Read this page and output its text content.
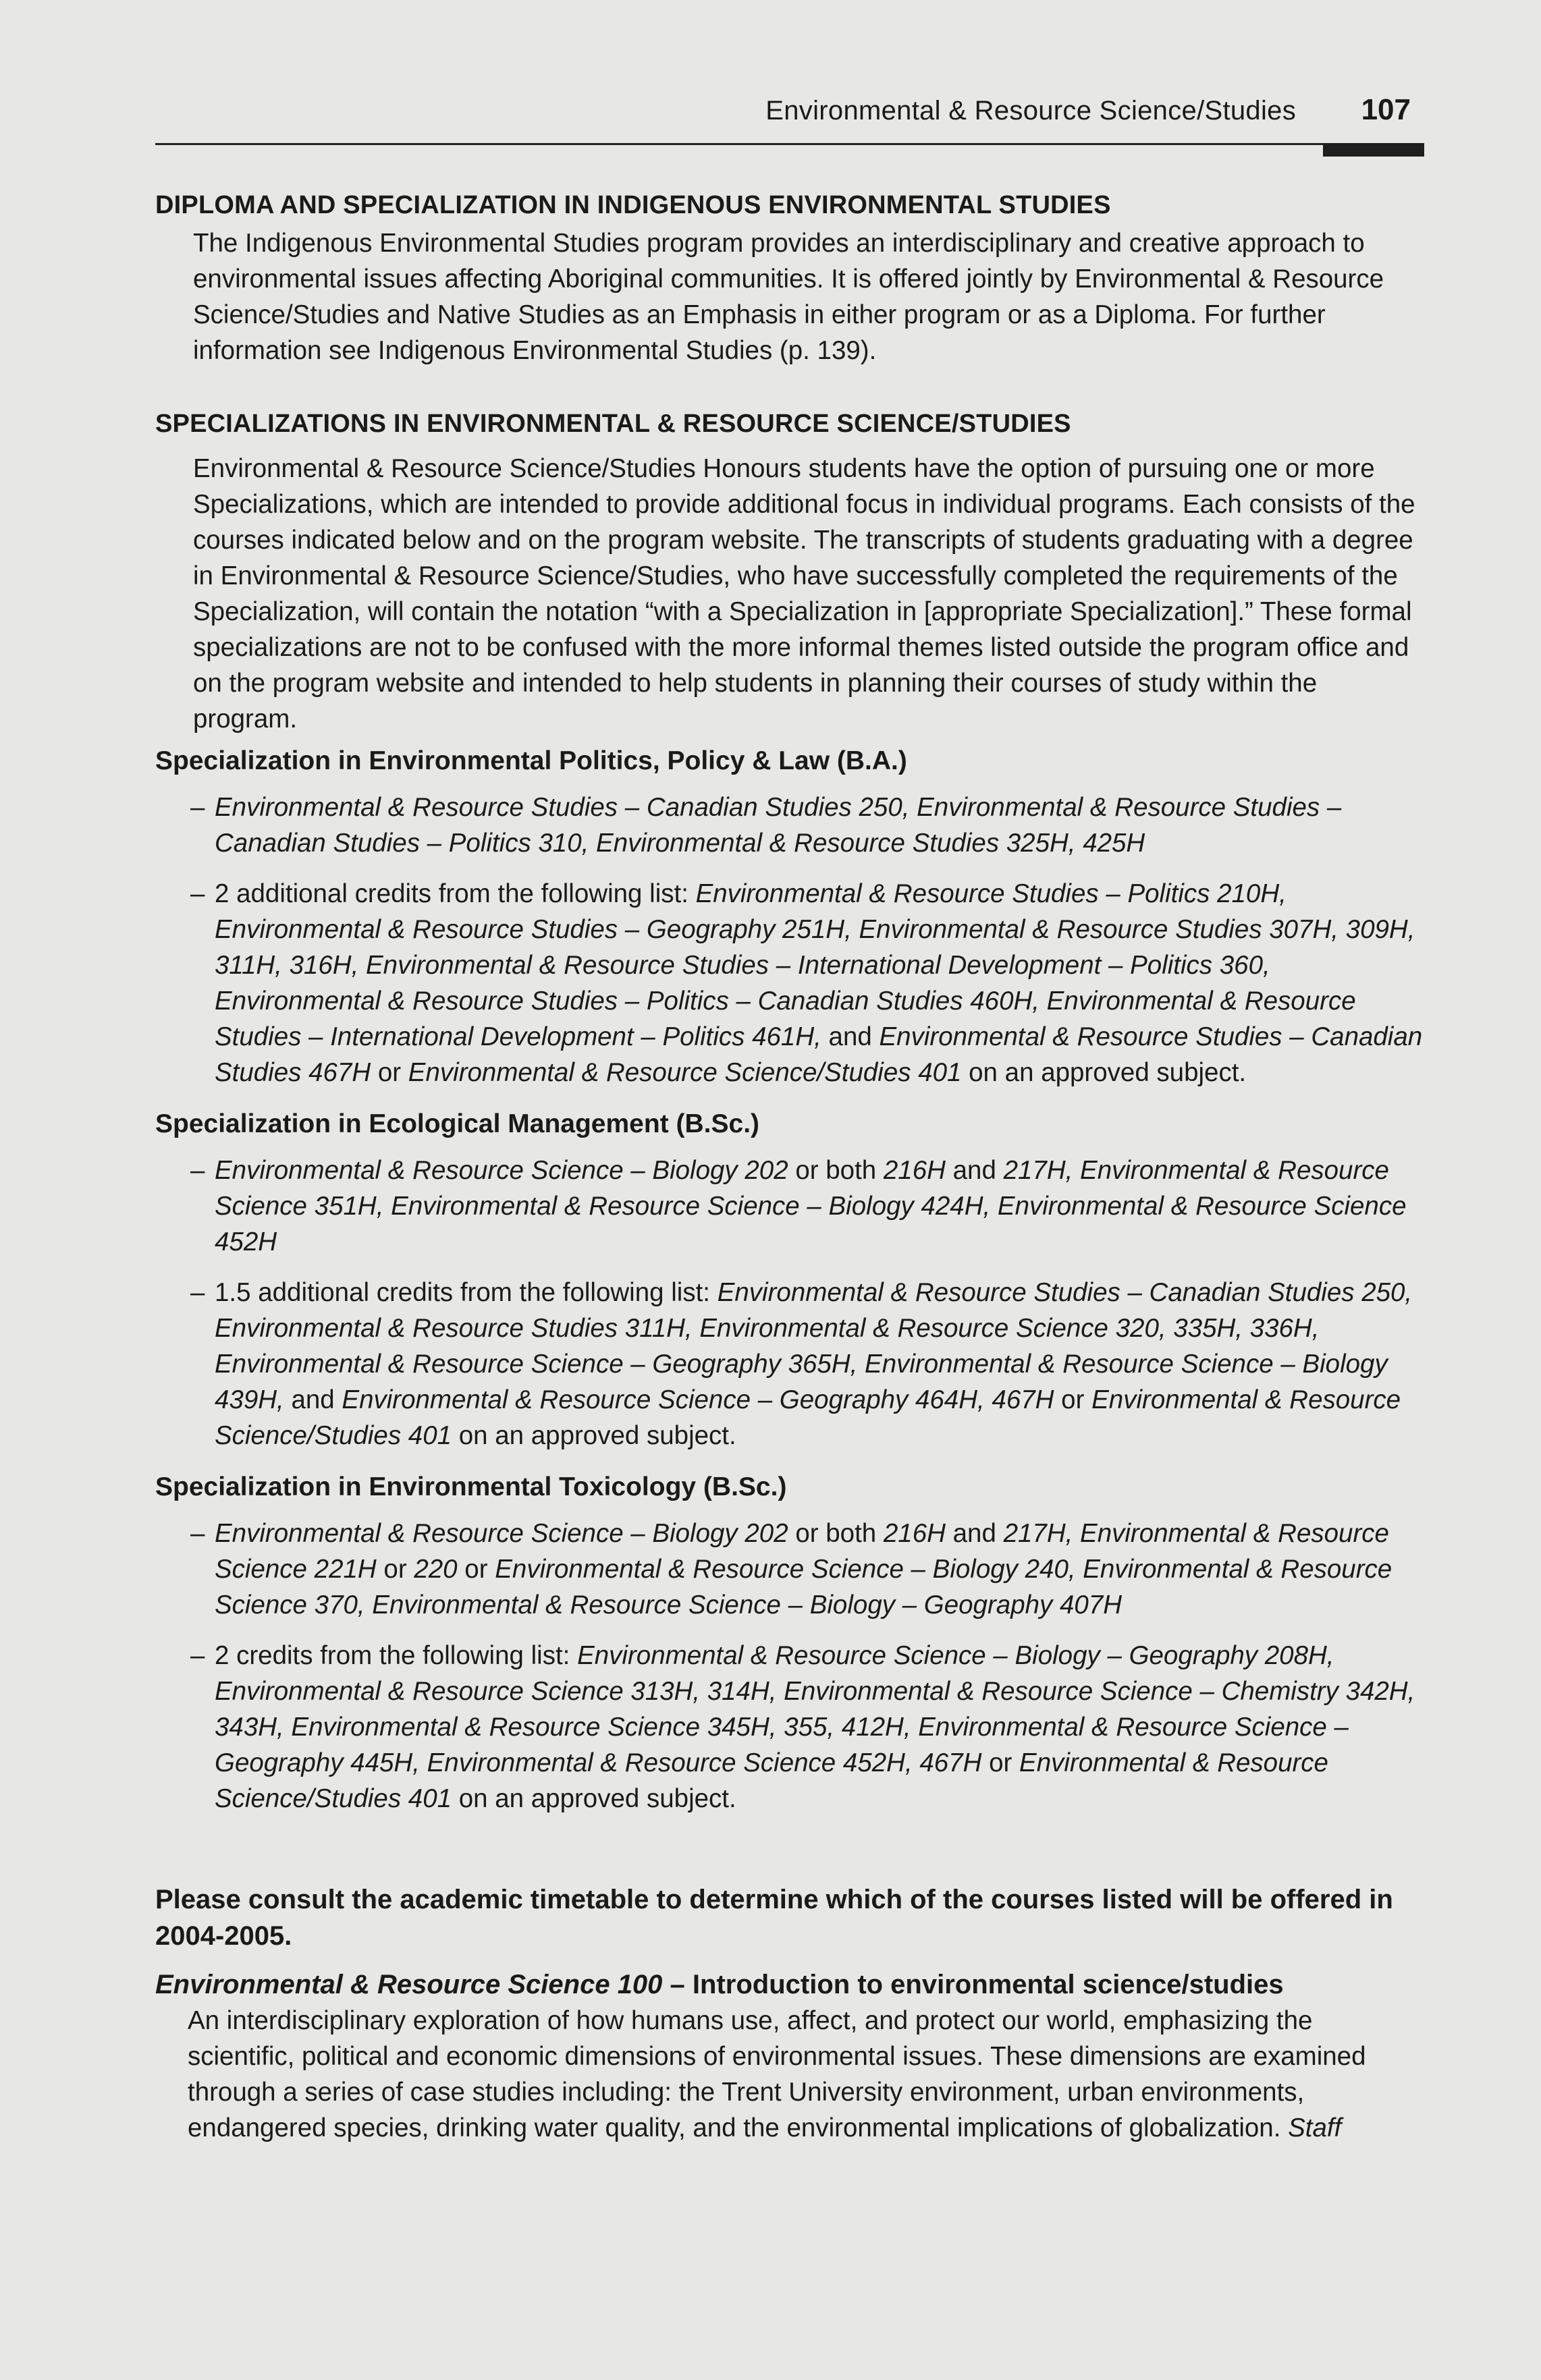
Environmental & Resource Science/Studies 107
DIPLOMA AND SPECIALIZATION IN INDIGENOUS ENVIRONMENTAL STUDIES

The Indigenous Environmental Studies program provides an interdisciplinary and creative approach to environmental issues affecting Aboriginal communities. It is offered jointly by Environmental & Resource Science/Studies and Native Studies as an Emphasis in either program or as a Diploma. For further information see Indigenous Environmental Studies (p. 139).

SPECIALIZATIONS IN ENVIRONMENTAL & RESOURCE SCIENCE/STUDIES

Environmental & Resource Science/Studies Honours students have the option of pursuing one or more Specializations, which are intended to provide additional focus in individual programs. Each consists of the courses indicated below and on the program website. The transcripts of students graduating with a degree in Environmental & Resource Science/Studies, who have successfully completed the requirements of the Specialization, will contain the notation “with a Specialization in [appropriate Specialization].” These formal specializations are not to be confused with the more informal themes listed outside the program office and on the program website and intended to help students in planning their courses of study within the program.

Specialization in Environmental Politics, Policy & Law (B.A.)
– Environmental & Resource Studies – Canadian Studies 250, Environmental & Resource Studies – Canadian Studies – Politics 310, Environmental & Resource Studies 325H, 425H
– 2 additional credits from the following list: Environmental & Resource Studies – Politics 210H, Environmental & Resource Studies – Geography 251H, Environmental & Resource Studies 307H, 309H, 311H, 316H, Environmental & Resource Studies – International Development – Politics 360, Environmental & Resource Studies – Politics – Canadian Studies 460H, Environmental & Resource Studies – International Development – Politics 461H, and Environmental & Resource Studies – Canadian Studies 467H or Environmental & Resource Science/Studies 401 on an approved subject.
Specialization in Ecological Management (B.Sc.)
– Environmental & Resource Science – Biology 202 or both 216H and 217H, Environmental & Resource Science 351H, Environmental & Resource Science – Biology 424H, Environmental & Resource Science 452H
– 1.5 additional credits from the following list: Environmental & Resource Studies – Canadian Studies 250, Environmental & Resource Studies 311H, Environmental & Resource Science 320, 335H, 336H, Environmental & Resource Science – Geography 365H, Environmental & Resource Science – Biology 439H, and Environmental & Resource Science – Geography 464H, 467H or Environmental & Resource Science/Studies 401 on an approved subject.
Specialization in Environmental Toxicology (B.Sc.)
– Environmental & Resource Science – Biology 202 or both 216H and 217H, Environmental & Resource Science 221H or 220 or Environmental & Resource Science – Biology 240, Environmental & Resource Science 370, Environmental & Resource Science – Biology – Geography 407H
– 2 credits from the following list: Environmental & Resource Science – Biology – Geography 208H, Environmental & Resource Science 313H, 314H, Environmental & Resource Science – Chemistry 342H, 343H, Environmental & Resource Science 345H, 355, 412H, Environmental & Resource Science – Geography 445H, Environmental & Resource Science 452H, 467H or Environmental & Resource Science/Studies 401 on an approved subject.

Please consult the academic timetable to determine which of the courses listed will be offered in 2004-2005.

Environmental & Resource Science 100 – Introduction to environmental science/studies

An interdisciplinary exploration of how humans use, affect, and protect our world, emphasizing the scientific, political and economic dimensions of environmental issues. These dimensions are examined through a series of case studies including: the Trent University environment, urban environments, endangered species, drinking water quality, and the environmental implications of globalization. Staff
